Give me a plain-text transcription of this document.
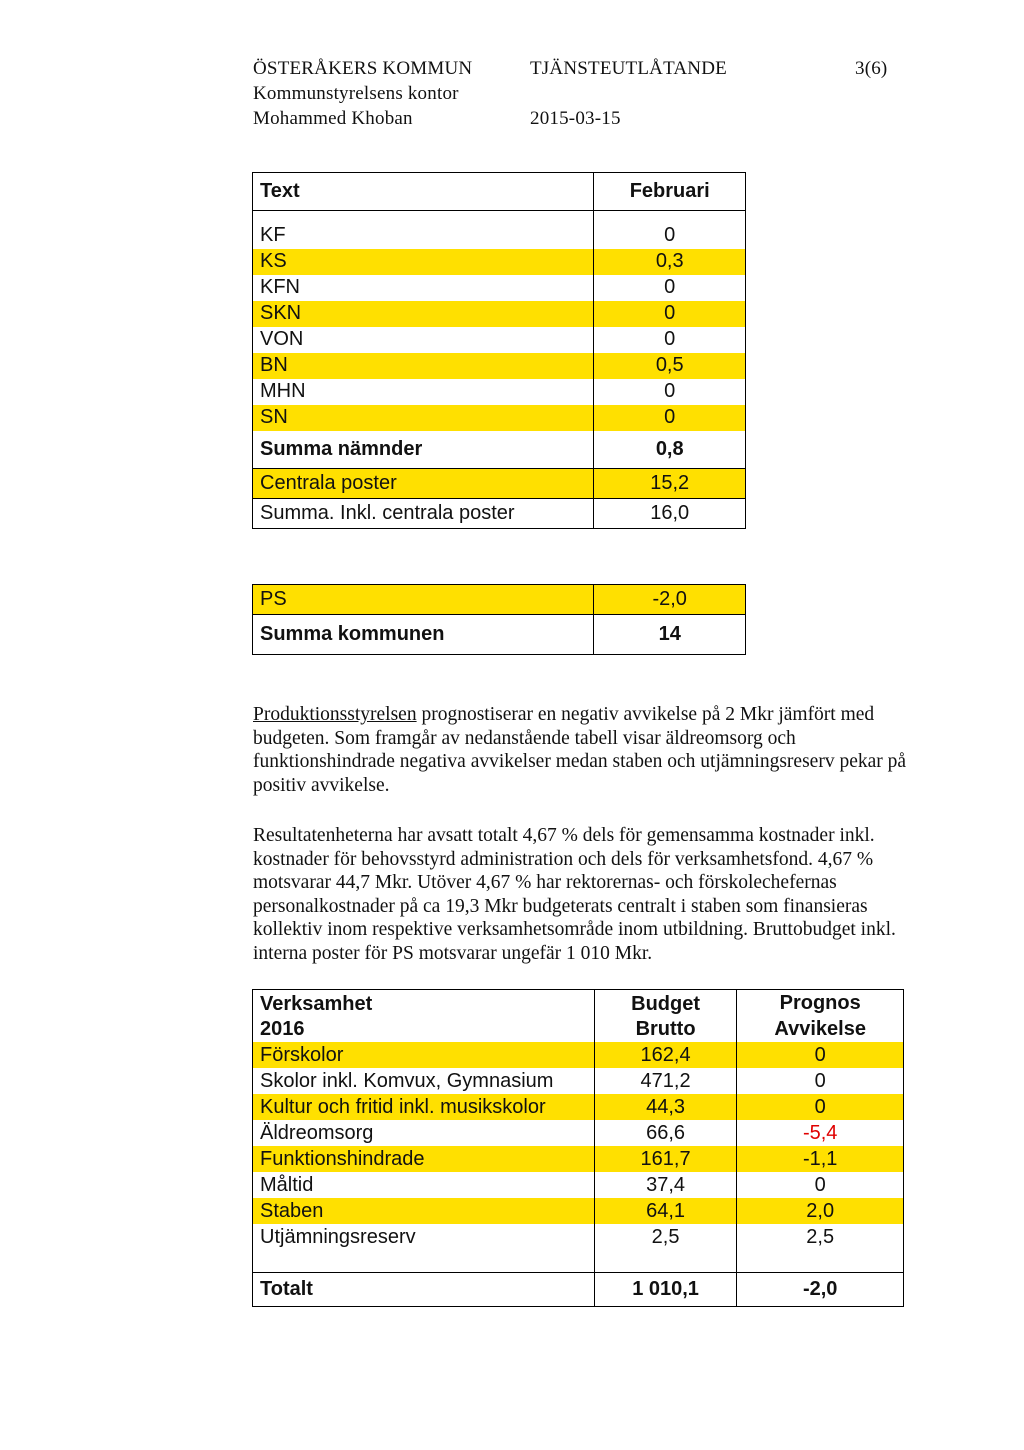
ÖSTERÅKERS KOMMUN
Kommunstyrelsens kontor
Mohammed Khoban
TJÄNSTEUTLÅTANDE
2015-03-15
3(6)
Text	Februari

KF	0
KS	0,3
KFN	0
SKN	0
VON	0
BN	0,5
MHN	0
SN	0
Summa nämnder	0,8
Centrala poster	15,2
Summa. Inkl. centrala poster	16,0
PS	-2,0
Summa kommunen	14

Produktionsstyrelsen prognostiserar en negativ avvikelse på 2 Mkr jämfört med budgeten. Som framgår av nedanstående tabell visar äldreomsorg och funktionshindrade negativa avvikelser medan staben och utjämningsreserv pekar på positiv avvikelse.

Resultatenheterna har avsatt totalt 4,67 % dels för gemensamma kostnader inkl. kostnader för behovsstyrd administration och dels för verksamhetsfond. 4,67 % motsvarar 44,7 Mkr. Utöver 4,67 % har rektorernas- och förskolechefernas personalkostnader på ca 19,3 Mkr budgeterats centralt i staben som finansieras kollektiv inom respektive verksamhetsområde inom utbildning. Bruttobudget inkl. interna poster för PS motsvarar ungefär 1 010 Mkr.

Verksamhet	Budget	Prognos
2016	Brutto	Avvikelse
Förskolor	162,4	0
Skolor inkl. Komvux, Gymnasium	471,2	0
Kultur och fritid inkl. musikskolor	44,3	0
Äldreomsorg	66,6	-5,4
Funktionshindrade	161,7	-1,1
Måltid	37,4	0
Staben	64,1	2,0
Utjämningsreserv	2,5	2,5

Totalt	1 010,1	-2,0
